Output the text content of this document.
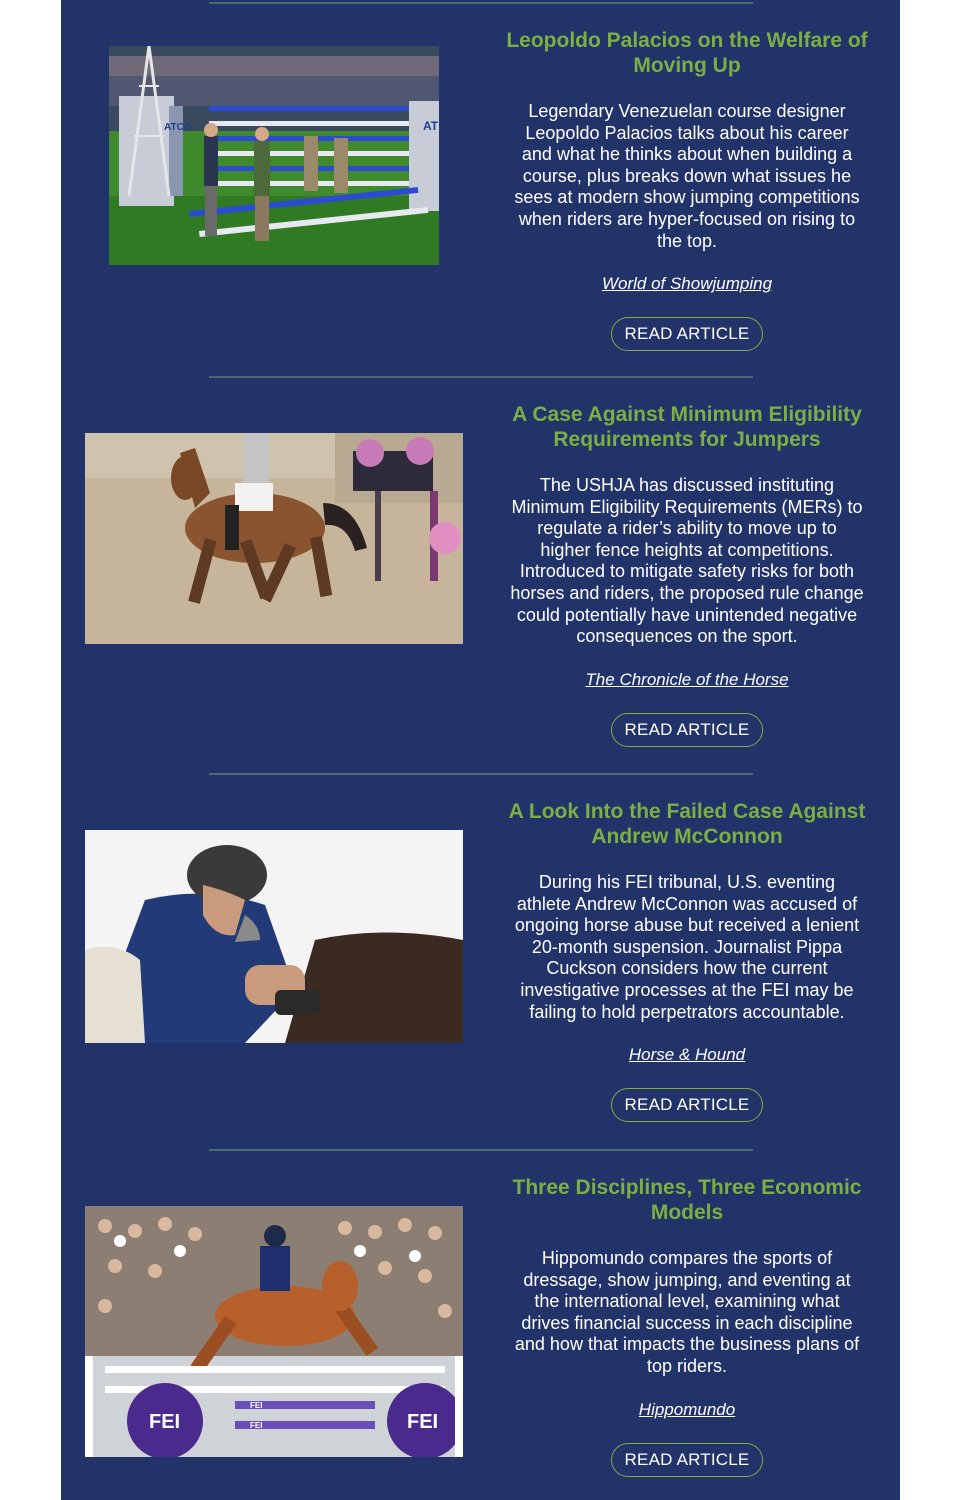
ATCO	AT

Leopoldo Palacios on the Welfare of
Moving Up

Legendary Venezuelan course designer
Leopoldo Palacios talks about his career
and what he thinks about when building a
course, plus breaks down what issues he
sees at modern show jumping competitions
when riders are hyper-focused on rising to
the top.

World of Showjumping
READ ARTICLE

A Case Against Minimum Eligibility
Requirements for Jumpers

The USHJA has discussed instituting
Minimum Eligibility Requirements (MERs) to
regulate a rider’s ability to move up to
higher fence heights at competitions.
Introduced to mitigate safety risks for both
horses and riders, the proposed rule change
could potentially have unintended negative
consequences on the sport.

The Chronicle of the Horse
READ ARTICLE

A Look Into the Failed Case Against
Andrew McConnon

During his FEI tribunal, U.S. eventing
athlete Andrew McConnon was accused of
ongoing horse abuse but received a lenient
20-month suspension. Journalist Pippa
Cuckson considers how the current
investigative processes at the FEI may be
failing to hold perpetrators accountable.

Horse & Hound
READ ARTICLE
FEI	FEI
FEI
FEI

Three Disciplines, Three Economic
Models

Hippomundo compares the sports of
dressage, show jumping, and eventing at
the international level, examining what
drives financial success in each discipline
and how that impacts the business plans of
top riders.

Hippomundo
READ ARTICLE
